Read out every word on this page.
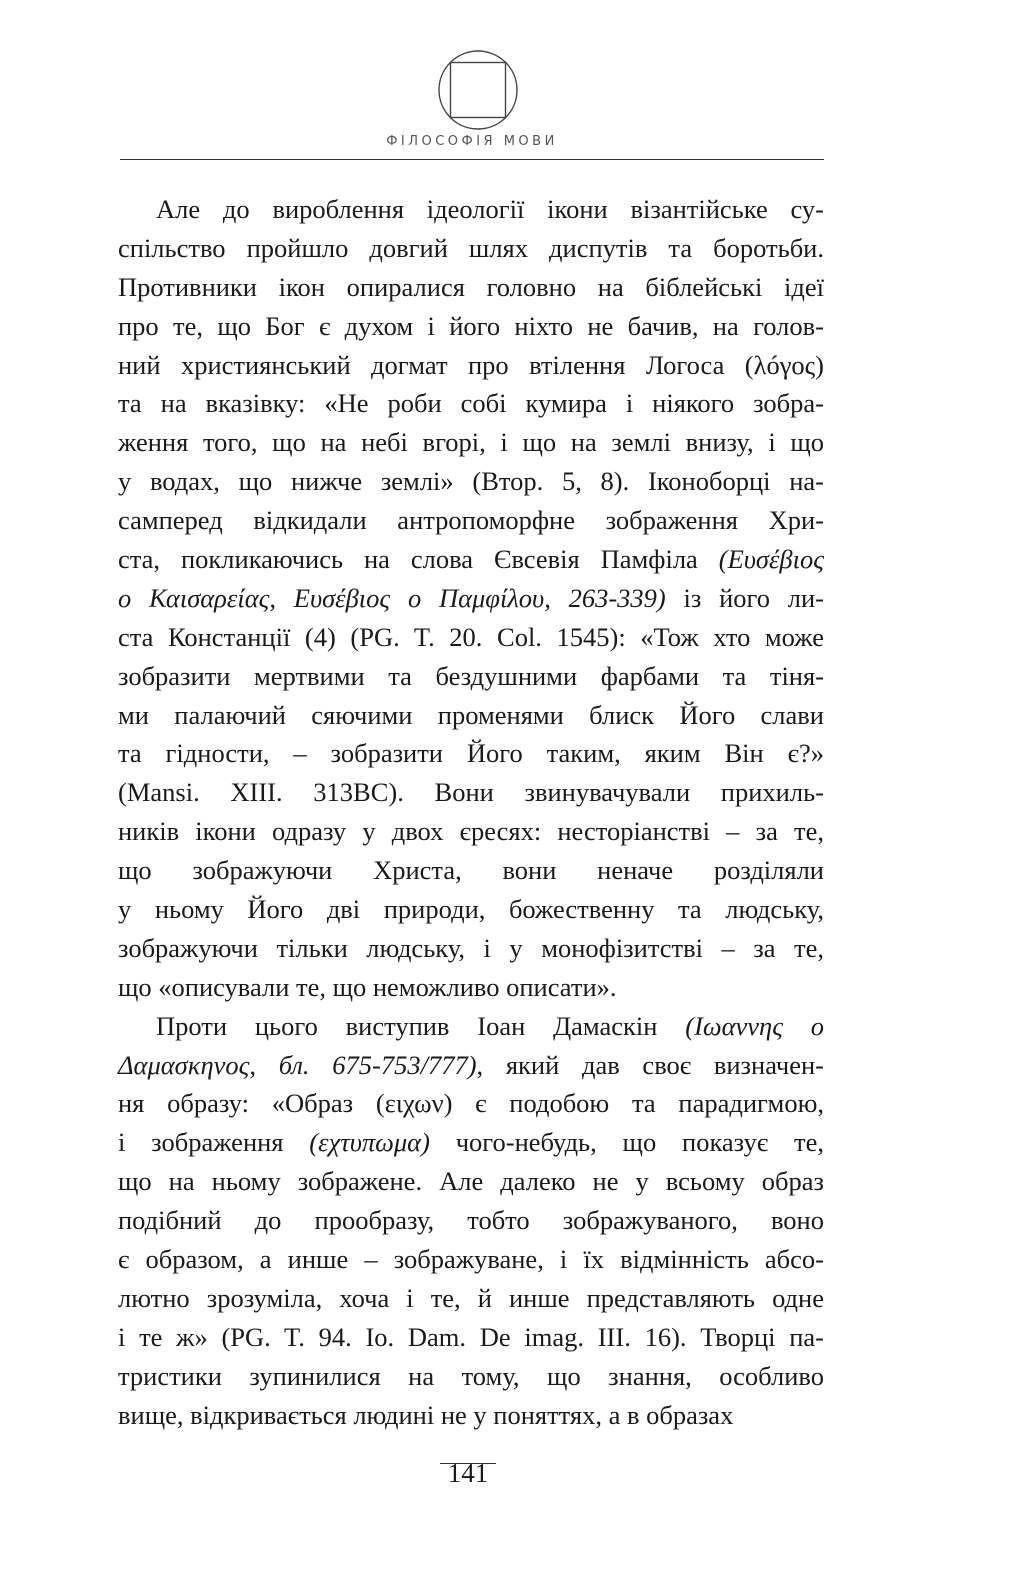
ФІЛОСОФІЯ МОВИ
Але до вироблення ідеології ікони візантійське су-
спільство пройшло довгий шлях диспутів та боротьби.
Противники ікон опиралися головно на біблейські ідеї
про те, що Бог є духом і його ніхто не бачив, на голов-
ний християнський догмат про втілення Логоса (λóγος)
та на вказівку: «Не роби собі кумира і ніякого зобра-
ження того, що на небі вгорі, і що на землі внизу, і що
у водах, що нижче землі» (Втор. 5, 8). Іконоборці на-
самперед відкидали антропоморфне зображення Хри-
ста, покликаючись на слова Євсевія Памфіла (Ευσέβιος
ο Καισαρείας, Ευσέβιος ο Παμφίλου, 263-339) із його ли-
ста Констанції (4) (PG. T. 20. Col. 1545): «Тож хто може
зобразити мертвими та бездушними фарбами та тіня-
ми палаючий сяючими променями блиск Його слави
та гідности, – зобразити Його таким, яким Він є?»
(Mansi. XIII. 313BC). Вони звинувачували прихиль-
ників ікони одразу у двох єресях: несторіанстві – за те,
що зображуючи Христа, вони неначе розділяли
у ньому Його дві природи, божественну та людську,
зображуючи тільки людську, і у монофізитстві – за те,
що «описували те, що неможливо описати».
Проти цього виступив Іоан Дамаскін (Ιωαννης ο
Δαμασκηνος, бл. 675-753/777), який дав своє визначен-
ня образу: «Образ (ειχων) є подобою та парадигмою,
і зображення (εχτυπωμα) чого-небудь, що показує те,
що на ньому зображене. Але далеко не у всьому образ
подібний до прообразу, тобто зображуваного, воно
є образом, а инше – зображуване, і їх відмінність абсо-
лютно зрозуміла, хоча і те, й инше представляють одне
і те ж» (PG. T. 94. Io. Dam. De imag. III. 16). Творці па-
тристики зупинилися на тому, що знання, особливо
вище, відкривається людині не у поняттях, а в образах
141
